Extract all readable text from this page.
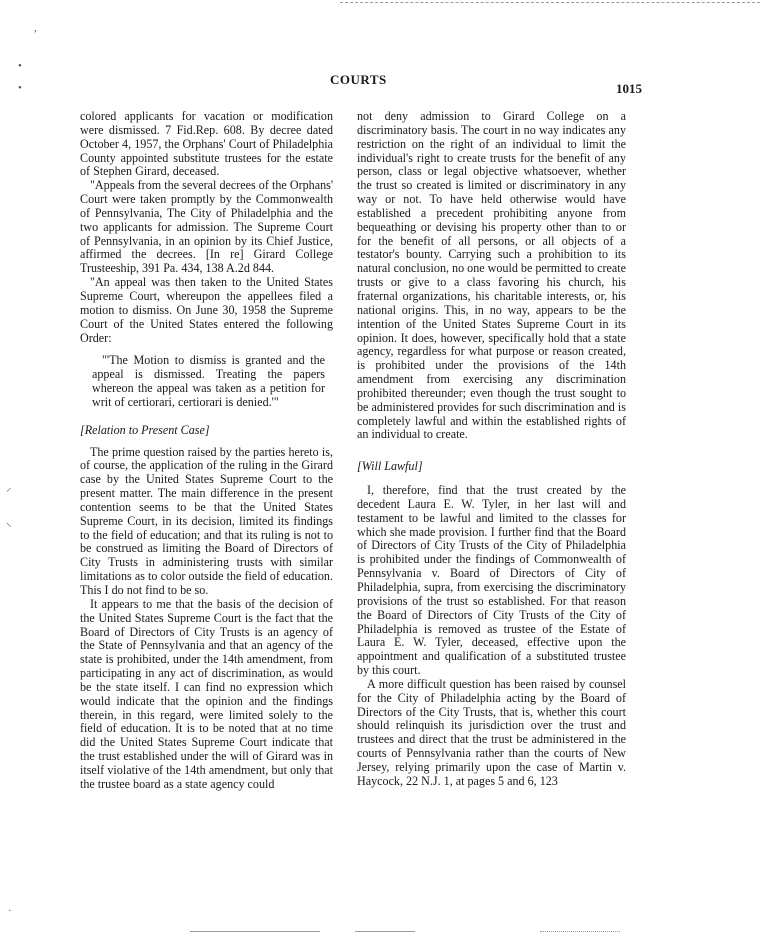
COURTS
1015
,
•
•
⸝
⸜
·

colored applicants for vacation or modification were dismissed. 7 Fid.Rep. 608. By decree dated October 4, 1957, the Orphans' Court of Philadelphia County appointed substitute trustees for the estate of Stephen Girard, deceased.

"Appeals from the several decrees of the Orphans' Court were taken promptly by the Commonwealth of Pennsylvania, The City of Philadelphia and the two applicants for admission. The Supreme Court of Pennsylvania, in an opinion by its Chief Justice, affirmed the decrees. [In re] Girard College Trusteeship, 391 Pa. 434, 138 A.2d 844.

"An appeal was then taken to the United States Supreme Court, whereupon the appellees filed a motion to dismiss. On June 30, 1958 the Supreme Court of the United States entered the following Order:

"'The Motion to dismiss is granted and the appeal is dismissed. Treating the papers whereon the appeal was taken as a petition for writ of certiorari, certiorari is denied.'"

[Relation to Present Case]

The prime question raised by the parties hereto is, of course, the application of the ruling in the Girard case by the United States Supreme Court to the present matter. The main difference in the present contention seems to be that the United States Supreme Court, in its decision, limited its findings to the field of education; and that its ruling is not to be construed as limiting the Board of Directors of City Trusts in administering trusts with similar limitations as to color outside the field of education. This I do not find to be so.

It appears to me that the basis of the decision of the United States Supreme Court is the fact that the Board of Directors of City Trusts is an agency of the State of Pennsylvania and that an agency of the state is prohibited, under the 14th amendment, from participating in any act of discrimination, as would be the state itself. I can find no expression which would indicate that the opinion and the findings therein, in this regard, were limited solely to the field of education. It is to be noted that at no time did the United States Supreme Court indicate that the trust established under the will of Girard was in itself violative of the 14th amendment, but only that the trustee board as a state agency could

not deny admission to Girard College on a discriminatory basis. The court in no way indicates any restriction on the right of an individual to limit the individual's right to create trusts for the benefit of any person, class or legal objective whatsoever, whether the trust so created is limited or discriminatory in any way or not. To have held otherwise would have established a precedent prohibiting anyone from bequeathing or devising his property other than to or for the benefit of all persons, or all objects of a testator's bounty. Carrying such a prohibition to its natural conclusion, no one would be permitted to create trusts or give to a class favoring his church, his fraternal organizations, his charitable interests, or, his national origins. This, in no way, appears to be the intention of the United States Supreme Court in its opinion. It does, however, specifically hold that a state agency, regardless for what purpose or reason created, is prohibited under the provisions of the 14th amendment from exercising any discrimination prohibited thereunder; even though the trust sought to be administered provides for such discrimination and is completely lawful and within the established rights of an individual to create.

[Will Lawful]

I, therefore, find that the trust created by the decedent Laura E. W. Tyler, in her last will and testament to be lawful and limited to the classes for which she made provision. I further find that the Board of Directors of City Trusts of the City of Philadelphia is prohibited under the findings of Commonwealth of Pennsylvania v. Board of Directors of City of Philadelphia, supra, from exercising the discriminatory provisions of the trust so established. For that reason the Board of Directors of City Trusts of the City of Philadelphia is removed as trustee of the Estate of Laura E. W. Tyler, deceased, effective upon the appointment and qualification of a substituted trustee by this court.

A more difficult question has been raised by counsel for the City of Philadelphia acting by the Board of Directors of the City Trusts, that is, whether this court should relinquish its jurisdiction over the trust and trustees and direct that the trust be administered in the courts of Pennsylvania rather than the courts of New Jersey, relying primarily upon the case of Martin v. Haycock, 22 N.J. 1, at pages 5 and 6, 123
